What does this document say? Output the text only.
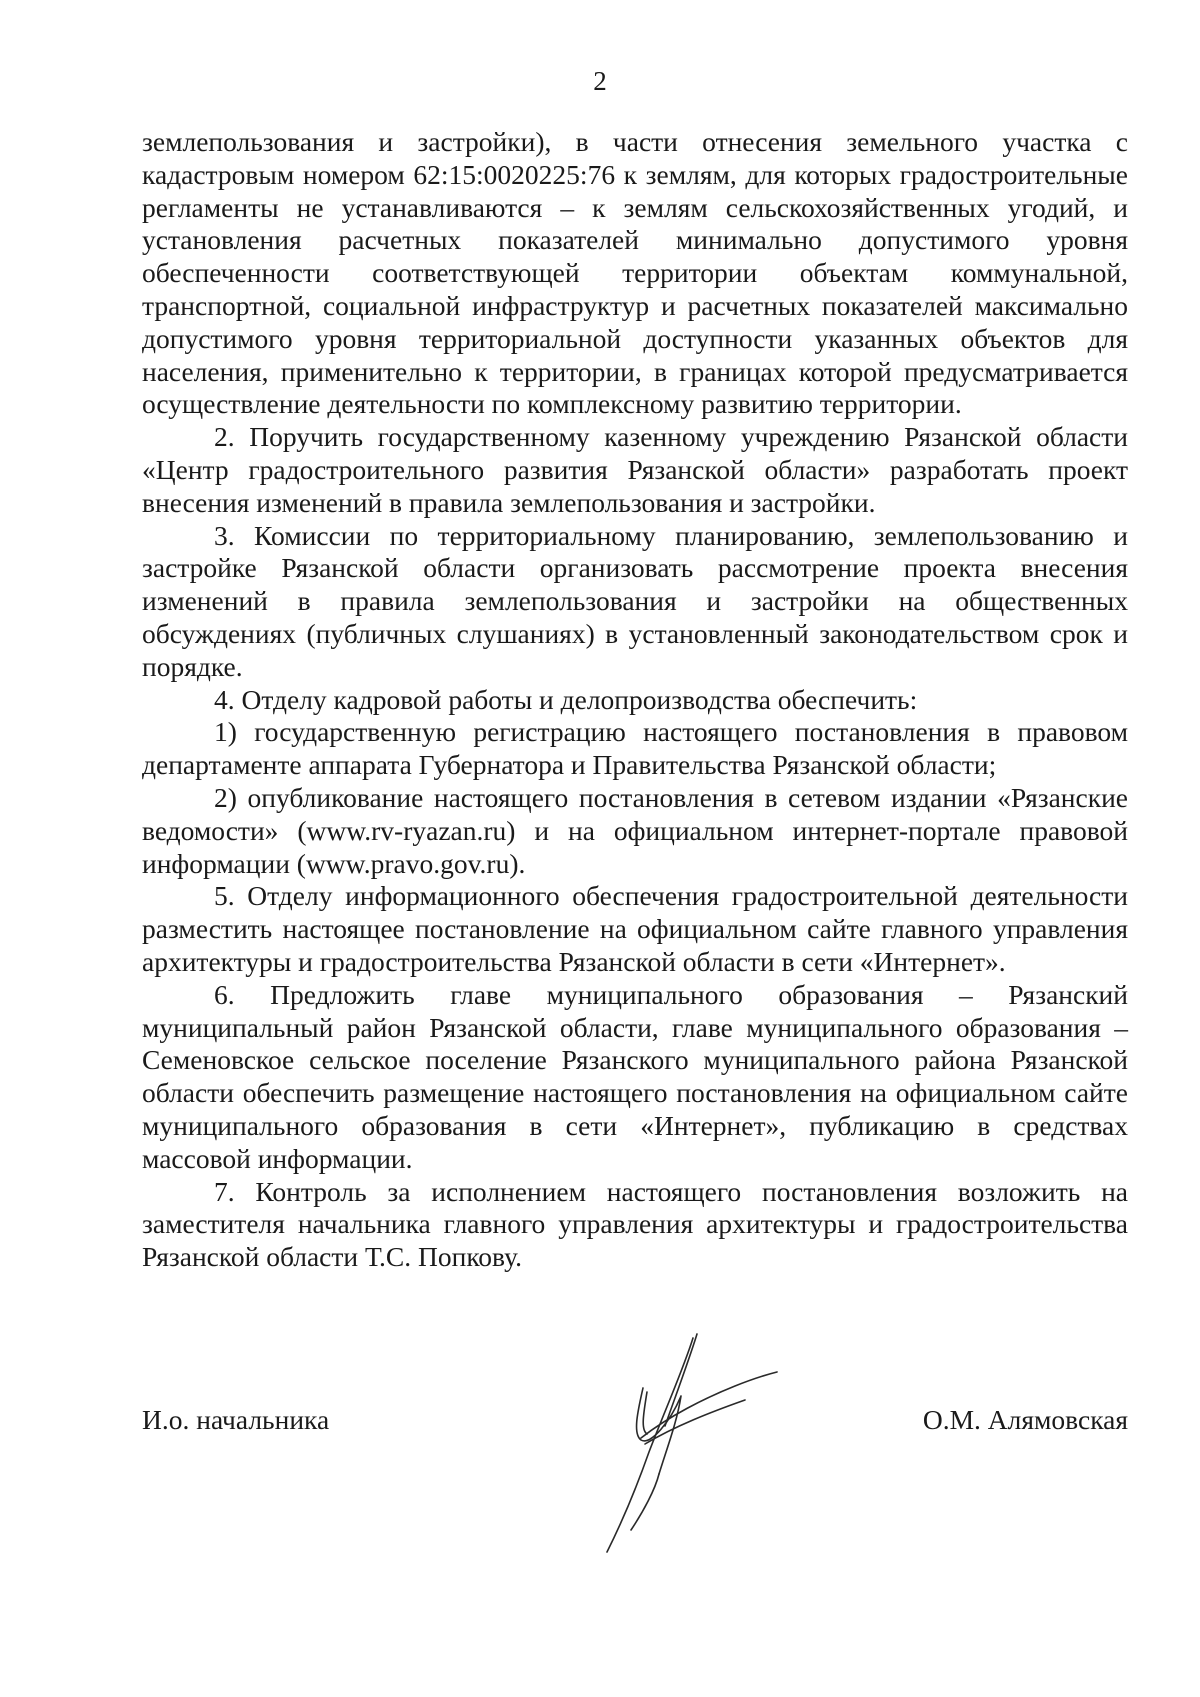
2

землепользования и застройки), в части отнесения земельного участка с кадастровым номером 62:15:0020225:76 к землям, для которых градостроительные регламенты не устанавливаются – к землям сельскохозяйственных угодий, и установления расчетных показателей минимально допустимого уровня обеспеченности соответствующей территории объектам коммунальной, транспортной, социальной инфраструктур и расчетных показателей максимально допустимого уровня территориальной доступности указанных объектов для населения, применительно к территории, в границах которой предусматривается осуществление деятельности по комплексному развитию территории.

2. Поручить государственному казенному учреждению Рязанской области «Центр градостроительного развития Рязанской области» разработать проект внесения изменений в правила землепользования и застройки.

3. Комиссии по территориальному планированию, землепользованию и застройке Рязанской области организовать рассмотрение проекта внесения изменений в правила землепользования и застройки на общественных обсуждениях (публичных слушаниях) в установленный законодательством срок и порядке.

4. Отделу кадровой работы и делопроизводства обеспечить:

1) государственную регистрацию настоящего постановления в правовом департаменте аппарата Губернатора и Правительства Рязанской области;

2) опубликование настоящего постановления в сетевом издании «Рязанские ведомости» (www.rv-ryazan.ru) и на официальном интернет-портале правовой информации (www.pravo.gov.ru).

5. Отделу информационного обеспечения градостроительной деятельности разместить настоящее постановление на официальном сайте главного управления архитектуры и градостроительства Рязанской области в сети «Интернет».

6. Предложить главе муниципального образования – Рязанский муниципальный район Рязанской области, главе муниципального образования – Семеновское сельское поселение Рязанского муниципального района Рязанской области обеспечить размещение настоящего постановления на официальном сайте муниципального образования в сети «Интернет», публикацию в средствах массовой информации.

7. Контроль за исполнением настоящего постановления возложить на заместителя начальника главного управления архитектуры и градостроительства Рязанской области Т.С. Попкову.

И.о. начальника	О.М. Алямовская
